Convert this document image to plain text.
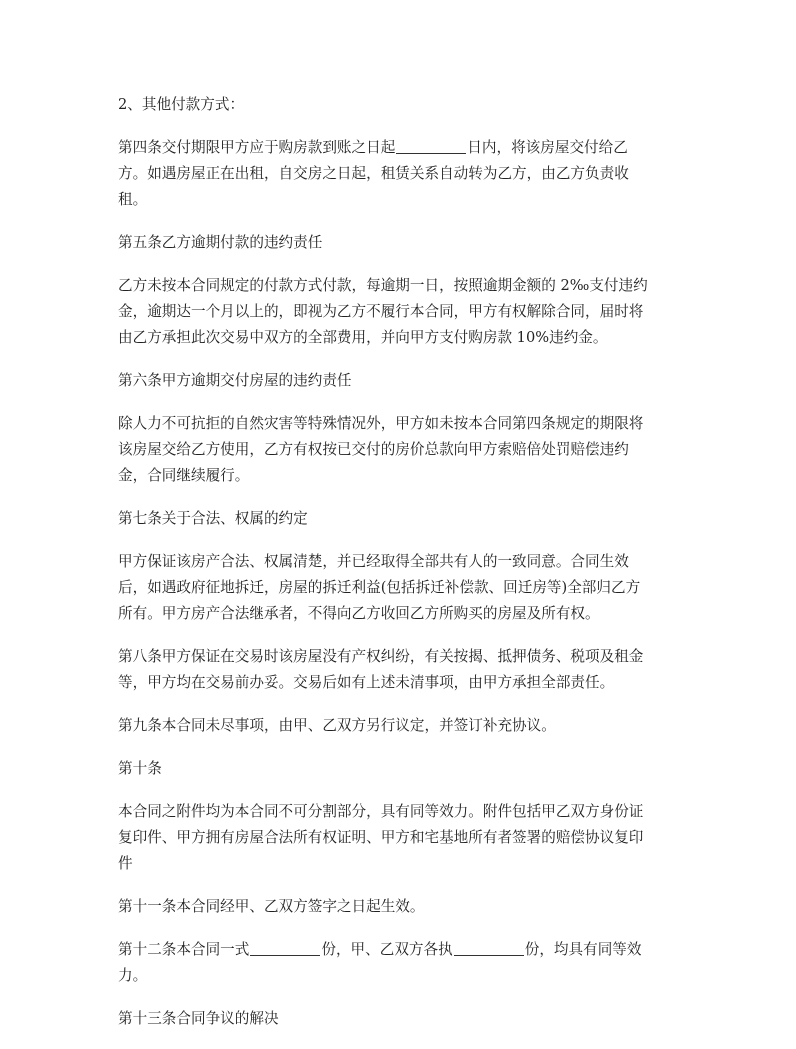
2、其他付款方式：

第四条交付期限甲方应于购房款到账之日起	日内，将该房屋交付给乙
方。如遇房屋正在出租，自交房之日起，租赁关系自动转为乙方，由乙方负责收
租。

第五条乙方逾期付款的违约责任

乙方未按本合同规定的付款方式付款，每逾期一日，按照逾期金额的 2‰支付违约
金，逾期达一个月以上的，即视为乙方不履行本合同，甲方有权解除合同，届时将
由乙方承担此次交易中双方的全部费用，并向甲方支付购房款 10%违约金。

第六条甲方逾期交付房屋的违约责任

除人力不可抗拒的自然灾害等特殊情况外，甲方如未按本合同第四条规定的期限将
该房屋交给乙方使用，乙方有权按已交付的房价总款向甲方索赔倍处罚赔偿违约
金，合同继续履行。

第七条关于合法、权属的约定

甲方保证该房产合法、权属清楚，并已经取得全部共有人的一致同意。合同生效
后，如遇政府征地拆迁，房屋的拆迁利益(包括拆迁补偿款、回迁房等)全部归乙方
所有。甲方房产合法继承者，不得向乙方收回乙方所购买的房屋及所有权。

第八条甲方保证在交易时该房屋没有产权纠纷，有关按揭、抵押债务、税项及租金
等，甲方均在交易前办妥。交易后如有上述未清事项，由甲方承担全部责任。

第九条本合同未尽事项，由甲、乙双方另行议定，并签订补充协议。

第十条

本合同之附件均为本合同不可分割部分，具有同等效力。附件包括甲乙双方身份证
复印件、甲方拥有房屋合法所有权证明、甲方和宅基地所有者签署的赔偿协议复印
件

第十一条本合同经甲、乙双方签字之日起生效。

第十二条本合同一式	份，甲、乙双方各执	份，均具有同等效
力。

第十三条合同争议的解决
